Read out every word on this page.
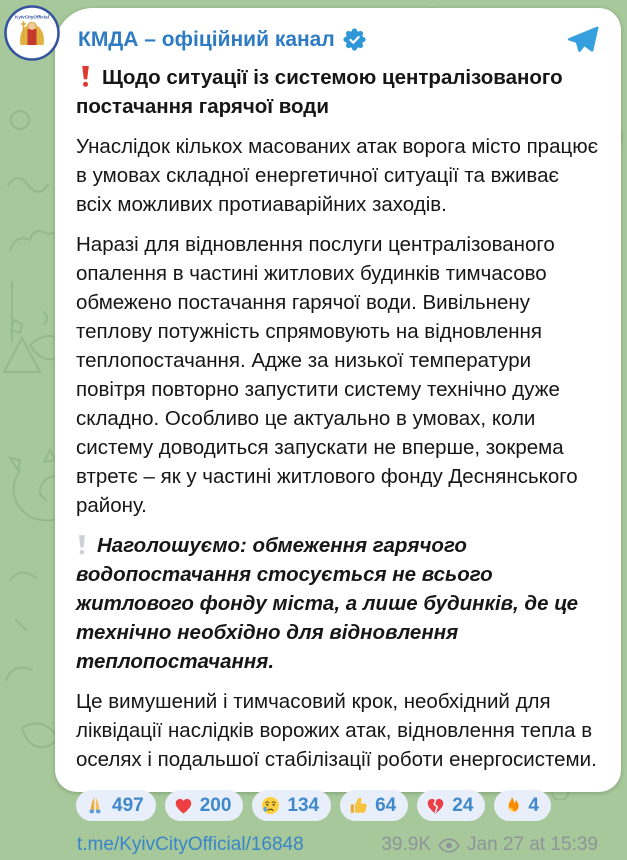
KyivCityOfficial
КМДА – офіційний канал
Щодо ситуації із системою централізованого постачання гарячої води

Унаслідок кількох масованих атак ворога місто працює в умовах складної енергетичної ситуації та вживає всіх можливих протиаварійних заходів.

Наразі для відновлення послуги централізованого опалення в частині житлових будинків тимчасово обмежено постачання гарячої води. Вивільнену теплову потужність спрямовують на відновлення теплопостачання. Адже за низької температури повітря повторно запустити систему технічно дуже складно. Особливо це актуально в умовах, коли систему доводиться запускати не вперше, зокрема втретє – як у частині житлового фонду Деснянського району.

Наголошуємо: обмеження гарячого водопостачання стосується не всього житлового фонду міста, а лише будинків, де це технічно необхідно для відновлення теплопостачання.

Це вимушений і тимчасовий крок, необхідний для ліквідації наслідків ворожих атак, відновлення тепла в оселях і подальшої стабілізації роботи енергосистеми.

497	200	134	64	24	4
t.me/KyivCityOfficial/16848	39.9K Jan 27 at 15:39
